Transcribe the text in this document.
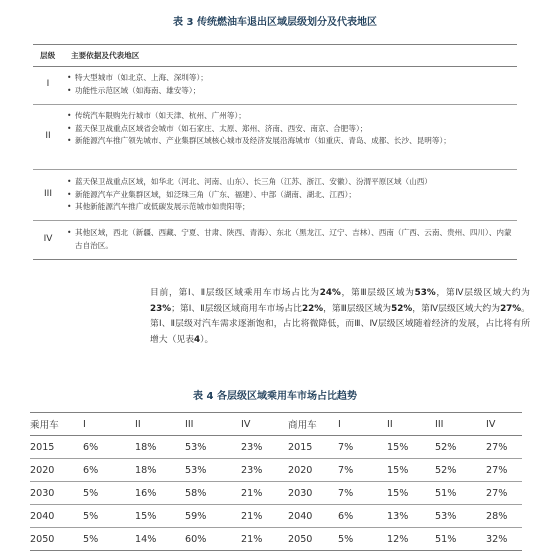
表 3 传统燃油车退出区域层级划分及代表地区
层级 主要依据及代表地区
I
• 特大型城市（如北京、上海、深圳等）；
• 功能性示范区域（如海南、雄安等）；
II
• 传统汽车限购先行城市（如天津、杭州、广州等）；
• 蓝天保卫战重点区域省会城市（如石家庄、太原、郑州、济南、西安、南京、合肥等）；
• 新能源汽车推广领先城市、产业集群区域核心城市及经济发展沿海城市（如重庆、青岛、成都、长沙、昆明等）；
III
• 蓝天保卫战重点区域，如华北（河北、河南、山东）、长三角（江苏、浙江、安徽）、汾渭平原区域（山西）
• 新能源汽车产业集群区域，如泛珠三角（广东、福建）、中部（湖南、湖北、江西）；
• 其他新能源汽车推广或低碳发展示范城市如贵阳等；
IV
• 其他区域，西北（新疆、西藏、宁夏、甘肃、陕西、青海）、东北（黑龙江、辽宁、吉林）、西南（广西、云南、贵州、四川）、内蒙古自治区。
目前，第Ⅰ、Ⅱ层级区域乘用车市场占比为24%，第Ⅲ层级区域为53%，第Ⅳ层级区域大约为23%；第Ⅰ、Ⅱ层级区域商用车市场占比22%，第Ⅲ层级区域为52%，第Ⅳ层级区域大约为27%。第Ⅰ、Ⅱ层级对汽车需求逐渐饱和，占比将微降低，而Ⅲ、Ⅳ层级区域随着经济的发展，占比将有所增大（见表4）。
表 4 各层级区域乘用车市场占比趋势
乘用车	I	II	III	IV	商用车	I	II	III	IV
2015	6%	18%	53%	23%	2015	7%	15%	52%	27%
2020	6%	18%	53%	23%	2020	7%	15%	52%	27%
2030	5%	16%	58%	21%	2030	7%	15%	51%	27%
2040	5%	15%	59%	21%	2040	6%	13%	53%	28%
2050	5%	14%	60%	21%	2050	5%	12%	51%	32%
